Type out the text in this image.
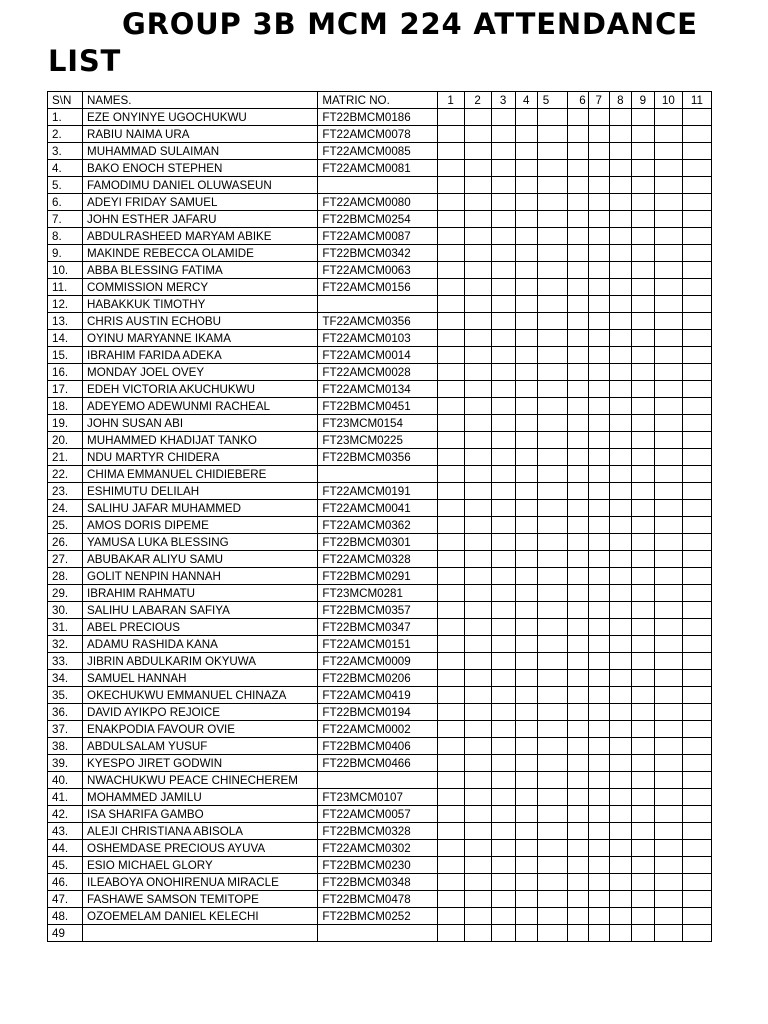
GROUP 3B MCM 224 ATTENDANCE LIST
S\N	NAMES.	MATRIC NO.	1	2	3	4	5	6	7	8	9	10	11
1.	EZE ONYINYE UGOCHUKWU	FT22BMCM0186											
2.	RABIU NAIMA URA	FT22AMCM0078											
3.	MUHAMMAD SULAIMAN	FT22AMCM0085											
4.	BAKO ENOCH STEPHEN	FT22AMCM0081											
5.	FAMODIMU DANIEL OLUWASEUN												
6.	ADEYI FRIDAY SAMUEL	FT22AMCM0080											
7.	JOHN ESTHER JAFARU	FT22BMCM0254											
8.	ABDULRASHEED MARYAM ABIKE	FT22AMCM0087											
9.	MAKINDE REBECCA OLAMIDE	FT22BMCM0342											
10.	ABBA BLESSING FATIMA	FT22AMCM0063											
11.	COMMISSION MERCY	FT22AMCM0156											
12.	HABAKKUK TIMOTHY												
13.	CHRIS AUSTIN ECHOBU	TF22AMCM0356											
14.	OYINU MARYANNE IKAMA	FT22AMCM0103											
15.	IBRAHIM FARIDA ADEKA	FT22AMCM0014											
16.	MONDAY JOEL OVEY	FT22AMCM0028											
17.	EDEH VICTORIA AKUCHUKWU	FT22AMCM0134											
18.	ADEYEMO ADEWUNMI RACHEAL	FT22BMCM0451											
19.	JOHN SUSAN ABI	FT23MCM0154											
20.	MUHAMMED KHADIJAT TANKO	FT23MCM0225											
21.	NDU MARTYR CHIDERA	FT22BMCM0356											
22.	CHIMA EMMANUEL CHIDIEBERE												
23.	ESHIMUTU DELILAH	FT22AMCM0191											
24.	SALIHU JAFAR MUHAMMED	FT22AMCM0041											
25.	AMOS DORIS DIPEME	FT22AMCM0362											
26.	YAMUSA LUKA BLESSING	FT22BMCM0301											
27.	ABUBAKAR ALIYU SAMU	FT22AMCM0328											
28.	GOLIT NENPIN HANNAH	FT22BMCM0291											
29.	IBRAHIM RAHMATU	FT23MCM0281											
30.	SALIHU LABARAN SAFIYA	FT22BMCM0357											
31.	ABEL PRECIOUS	FT22BMCM0347											
32.	ADAMU RASHIDA KANA	FT22AMCM0151											
33.	JIBRIN ABDULKARIM OKYUWA	FT22AMCM0009											
34.	SAMUEL HANNAH	FT22BMCM0206											
35.	OKECHUKWU EMMANUEL CHINAZA	FT22AMCM0419											
36.	DAVID AYIKPO REJOICE	FT22BMCM0194											
37.	ENAKPODIA FAVOUR OVIE	FT22AMCM0002											
38.	ABDULSALAM YUSUF	FT22BMCM0406											
39.	KYESPO JIRET GODWIN	FT22BMCM0466											
40.	NWACHUKWU PEACE CHINECHEREM												
41.	MOHAMMED JAMILU	FT23MCM0107											
42.	ISA SHARIFA GAMBO	FT22AMCM0057											
43.	ALEJI CHRISTIANA ABISOLA	FT22BMCM0328											
44.	OSHEMDASE PRECIOUS AYUVA	FT22AMCM0302											
45.	ESIO MICHAEL GLORY	FT22BMCM0230											
46.	ILEABOYA ONOHIRENUA MIRACLE	FT22BMCM0348											
47.	FASHAWE SAMSON TEMITOPE	FT22BMCM0478											
48.	OZOEMELAM DANIEL KELECHI	FT22BMCM0252											
49													
